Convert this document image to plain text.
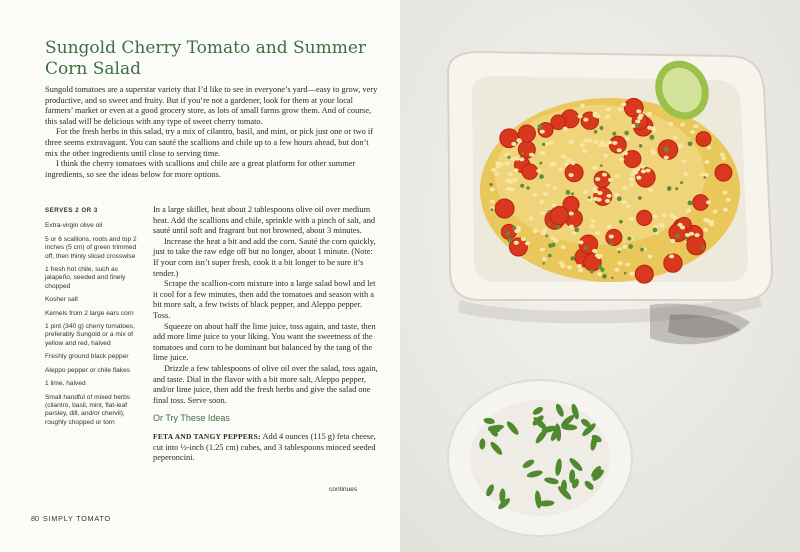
Sungold Cherry Tomato and Summer Corn Salad

Sungold tomatoes are a superstar variety that I’d like to see in everyone’s yard—easy to grow, very productive, and so sweet and fruity. But if you’re not a gardener, look for them at your local farmers’ market or even at a good grocery store, as lots of small farms grow them. And of course, this salad will be delicious with any type of sweet cherry tomato.

For the fresh herbs in this salad, try a mix of cilantro, basil, and mint, or pick just one or two if three seems extravagant. You can sauté the scallions and chile up to a few hours ahead, but don’t mix the other ingredients until close to serving time.

I think the cherry tomatoes with scallions and chile are a great platform for other summer ingredients, so see the ideas below for more options.

SERVES 2 OR 3
Extra-virgin olive oil
5 or 6 scallions, roots and top 2 inches (5 cm) of green trimmed off, then thinly sliced crosswise
1 fresh hot chile, such as jalapeño, seeded and finely chopped
Kosher salt
Kernels from 2 large ears corn
1 pint (340 g) cherry tomatoes, preferably Sungold or a mix of yellow and red, halved
Freshly ground black pepper
Aleppo pepper or chile flakes
1 lime, halved
Small handful of mixed herbs (cilantro, basil, mint, flat-leaf parsley, dill, and/or chervil), roughly chopped or torn

In a large skillet, heat about 2 tablespoons olive oil over medium heat. Add the scallions and chile, sprinkle with a pinch of salt, and sauté until soft and fragrant but not browned, about 3 minutes.

Increase the heat a bit and add the corn. Sauté the corn quickly, just to take the raw edge off but no longer, about 1 minute. (Note: If your corn isn’t super fresh, cook it a bit longer to be sure it’s tender.)

Scrape the scallion-corn mixture into a large salad bowl and let it cool for a few minutes, then add the tomatoes and season with a bit more salt, a few twists of black pepper, and Aleppo pepper. Toss.

Squeeze on about half the lime juice, toss again, and taste, then add more lime juice to your liking. You want the sweetness of the tomatoes and corn to be dominant but balanced by the tang of the lime juice.

Drizzle a few tablespoons of olive oil over the salad, toss again, and taste. Dial in the flavor with a bit more salt, Aleppo pepper, and/or lime juice, then add the fresh herbs and give the salad one final toss. Serve soon.

Or Try These Ideas

FETA AND TANGY PEPPERS: Add 4 ounces (115 g) feta cheese, cut into ½-inch (1.25 cm) cubes, and 3 tablespoons minced seeded peperoncini.

continues
80 SIMPLY TOMATO
